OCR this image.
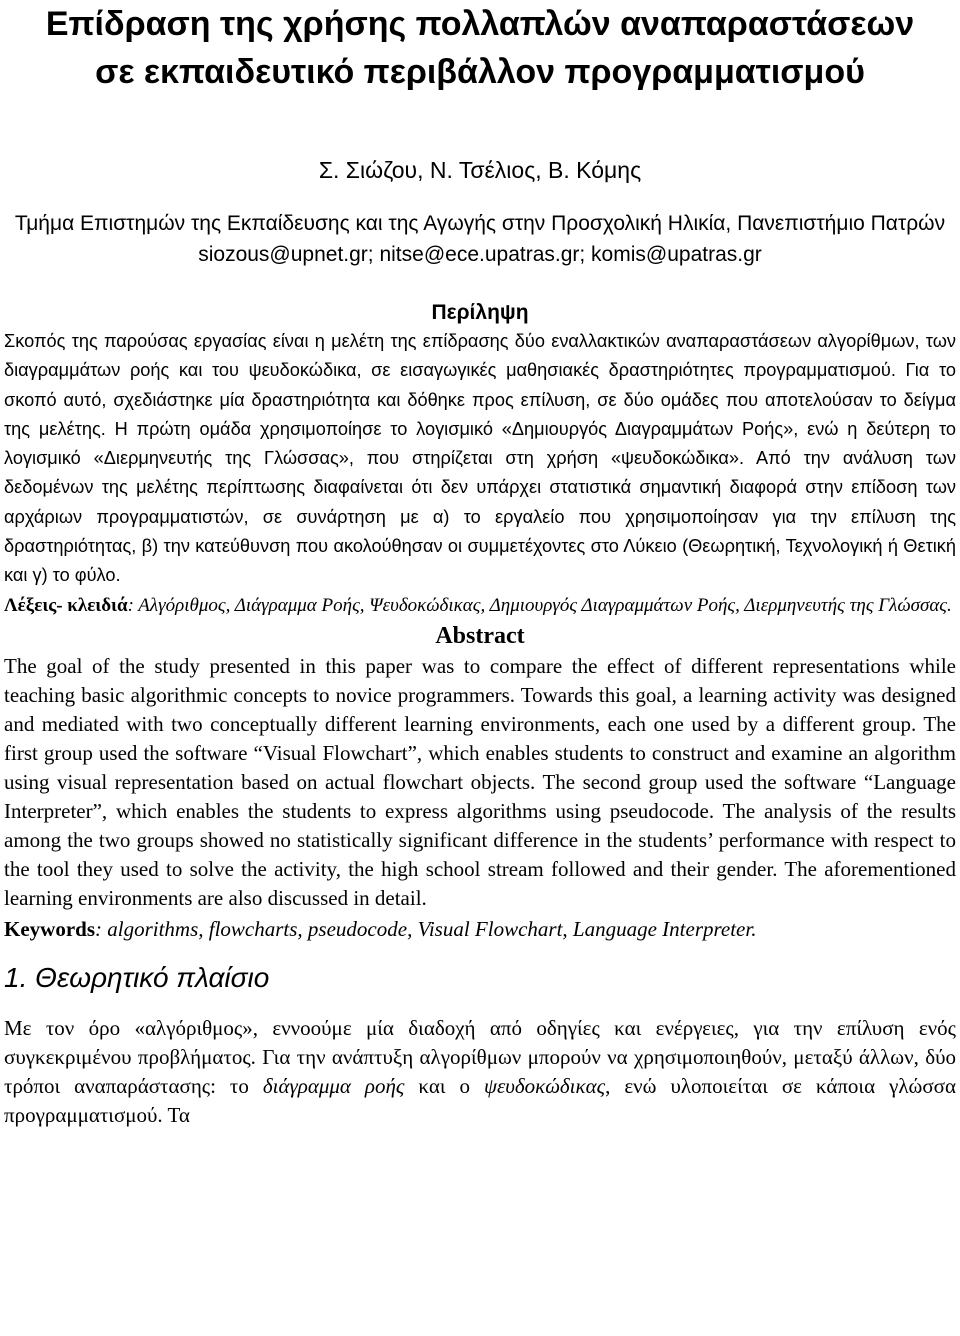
Επίδραση της χρήσης πολλαπλών αναπαραστάσεων
σε εκπαιδευτικό περιβάλλον προγραμματισμού
Σ. Σιώζου, Ν. Τσέλιος, Β. Κόμης
Τμήμα Επιστημών της Εκπαίδευσης και της Αγωγής στην Προσχολική Ηλικία, Πανεπιστήμιο Πατρών
siozous@upnet.gr; nitse@ece.upatras.gr; komis@upatras.gr
Περίληψη

Σκοπός της παρούσας εργασίας είναι η μελέτη της επίδρασης δύο εναλλακτικών αναπαραστάσεων αλγορίθμων, των διαγραμμάτων ροής και του ψευδοκώδικα, σε εισαγωγικές μαθησιακές δραστηριότητες προγραμματισμού. Για το σκοπό αυτό, σχεδιάστηκε μία δραστηριότητα και δόθηκε προς επίλυση, σε δύο ομάδες που αποτελούσαν το δείγμα της μελέτης. Η πρώτη ομάδα χρησιμοποίησε το λογισμικό «Δημιουργός Διαγραμμάτων Ροής», ενώ η δεύτερη το λογισμικό «Διερμηνευτής της Γλώσσας», που στηρίζεται στη χρήση «ψευδοκώδικα». Από την ανάλυση των δεδομένων της μελέτης περίπτωσης διαφαίνεται ότι δεν υπάρχει στατιστικά σημαντική διαφορά στην επίδοση των αρχάριων προγραμματιστών, σε συνάρτηση με α) το εργαλείο που χρησιμοποίησαν για την επίλυση της δραστηριότητας, β) την κατεύθυνση που ακολούθησαν οι συμμετέχοντες στο Λύκειο (Θεωρητική, Τεχνολογική ή Θετική και γ) το φύλο.

Λέξεις- κλειδιά: Αλγόριθμος, Διάγραμμα Ροής, Ψευδοκώδικας, Δημιουργός Διαγραμμάτων Ροής, Διερμηνευτής της Γλώσσας.

Abstract

The goal of the study presented in this paper was to compare the effect of different representations while teaching basic algorithmic concepts to novice programmers. Towards this goal, a learning activity was designed and mediated with two conceptually different learning environments, each one used by a different group. The first group used the software “Visual Flowchart”, which enables students to construct and examine an algorithm using visual representation based on actual flowchart objects. The second group used the software “Language Interpreter”, which enables the students to express algorithms using pseudocode. The analysis of the results among the two groups showed no statistically significant difference in the students’ performance with respect to the tool they used to solve the activity, the high school stream followed and their gender. The aforementioned learning environments are also discussed in detail.

Keywords: algorithms, flowcharts, pseudocode, Visual Flowchart, Language Interpreter.

1. Θεωρητικό πλαίσιο

Με τον όρο «αλγόριθμος», εννοούμε μία διαδοχή από οδηγίες και ενέργειες, για την επίλυση ενός συγκεκριμένου προβλήματος. Για την ανάπτυξη αλγορίθμων μπορούν να χρησιμοποιηθούν, μεταξύ άλλων, δύο τρόποι αναπαράστασης: το διάγραμμα ροής και ο ψευδοκώδικας, ενώ υλοποιείται σε κάποια γλώσσα προγραμματισμού. Τα
